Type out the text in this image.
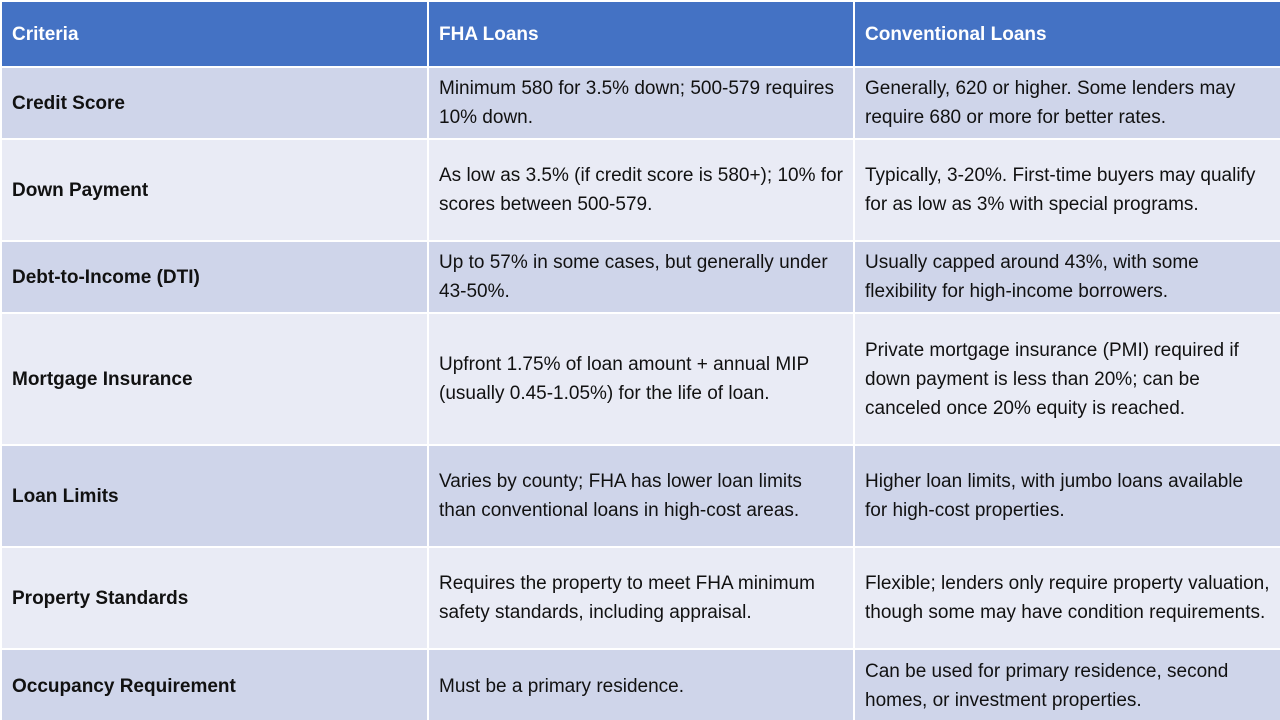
Criteria	FHA Loans	Conventional Loans
Credit Score	Minimum 580 for 3.5% down; 500-579 requires 10% down.	Generally, 620 or higher. Some lenders may require 680 or more for better rates.
Down Payment	As low as 3.5% (if credit score is 580+); 10% for scores between 500-579.	Typically, 3-20%. First-time buyers may qualify for as low as 3% with special programs.
Debt-to-Income (DTI)	Up to 57% in some cases, but generally under 43-50%.	Usually capped around 43%, with some flexibility for high-income borrowers.
Mortgage Insurance	Upfront 1.75% of loan amount + annual MIP (usually 0.45-1.05%) for the life of loan.	Private mortgage insurance (PMI) required if down payment is less than 20%; can be canceled once 20% equity is reached.
Loan Limits	Varies by county; FHA has lower loan limits than conventional loans in high-cost areas.	Higher loan limits, with jumbo loans available for high-cost properties.
Property Standards	Requires the property to meet FHA minimum safety standards, including appraisal.	Flexible; lenders only require property valuation, though some may have condition requirements.
Occupancy Requirement	Must be a primary residence.	Can be used for primary residence, second homes, or investment properties.
